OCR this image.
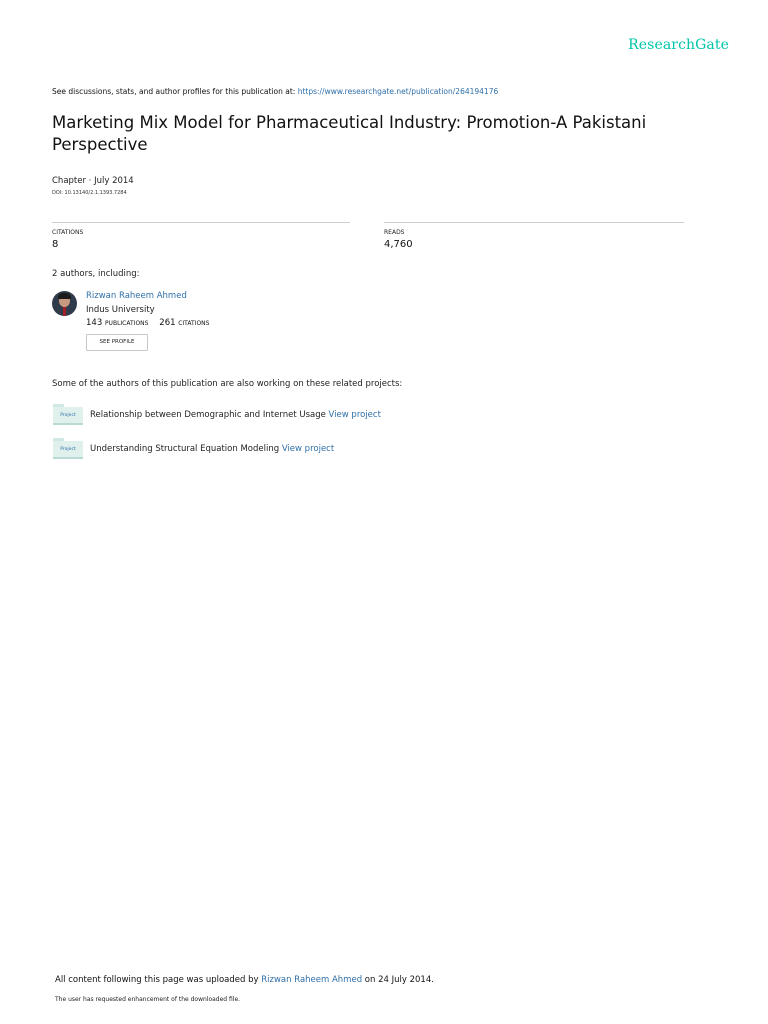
ResearchGate
See discussions, stats, and author profiles for this publication at: https://www.researchgate.net/publication/264194176
Marketing Mix Model for Pharmaceutical Industry: Promotion-A Pakistani Perspective
Chapter · July 2014
DOI: 10.13140/2.1.1393.7284
CITATIONS
8
READS
4,760
2 authors, including:
Rizwan Raheem Ahmed
Indus University
143 PUBLICATIONS 261 CITATIONS
SEE PROFILE
Some of the authors of this publication are also working on these related projects:
Project	Relationship between Demographic and Internet Usage View project
Project	Understanding Structural Equation Modeling View project
All content following this page was uploaded by Rizwan Raheem Ahmed on 24 July 2014.
The user has requested enhancement of the downloaded file.
